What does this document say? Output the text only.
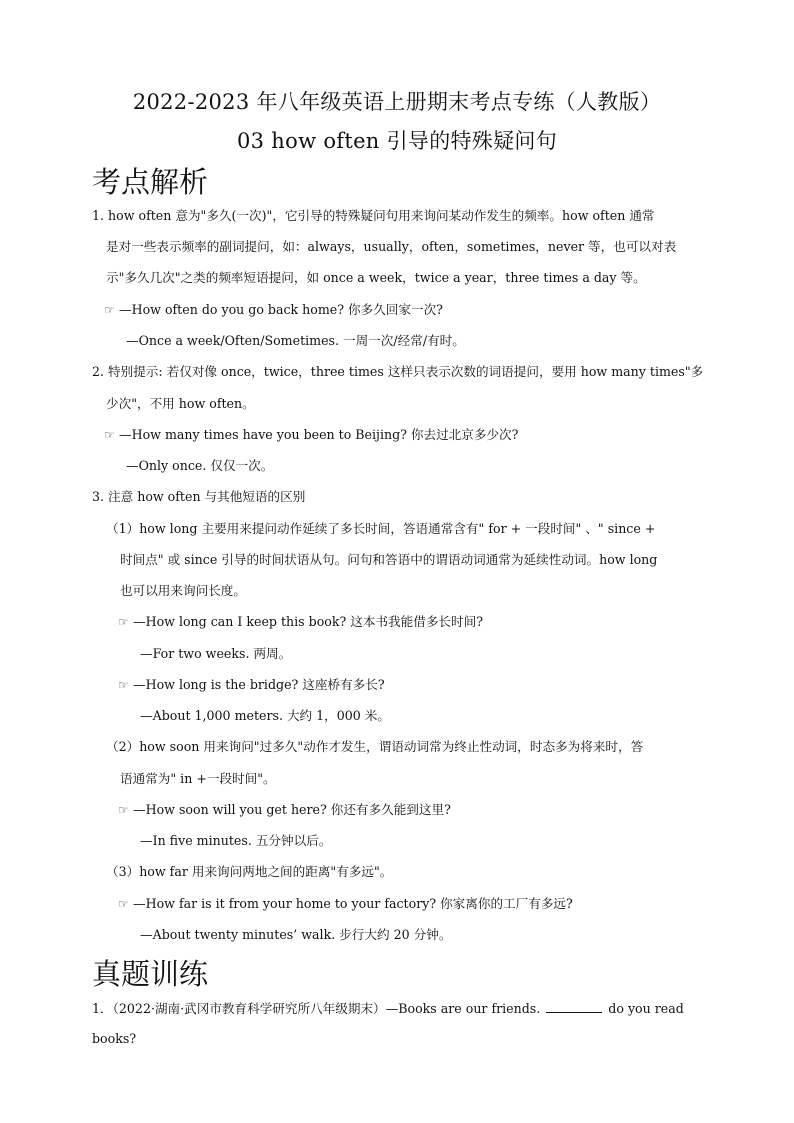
2022-2023 年八年级英语上册期末考点专练（人教版）
03 how often 引导的特殊疑问句
考点解析
1. how often 意为"多久(一次)"，它引导的特殊疑问句用来询问某动作发生的频率。how often 通常
是对一些表示频率的副词提问，如：always，usually，often，sometimes，never 等，也可以对表
示"多久几次"之类的频率短语提问，如 once a week，twice a year，three times a day 等。
☞ —How often do you go back home? 你多久回家一次?
—Once a week/Often/Sometimes. 一周一次/经常/有时。
2. 特别提示: 若仅对像 once，twice，three times 这样只表示次数的词语提问，要用 how many times"多
少次"，不用 how often。
☞ —How many times have you been to Beijing? 你去过北京多少次?
—Only once. 仅仅一次。
3. 注意 how often 与其他短语的区别
（1）how long 主要用来提问动作延续了多长时间，答语通常含有" for + 一段时间" 、" since +
时间点" 或 since 引导的时间状语从句。问句和答语中的谓语动词通常为延续性动词。how long
也可以用来询问长度。
☞ —How long can I keep this book? 这本书我能借多长时间?
—For two weeks. 两周。
☞ —How long is the bridge? 这座桥有多长?
—About 1,000 meters. 大约 1，000 米。
（2）how soon 用来询问"过多久"动作才发生，谓语动词常为终止性动词，时态多为将来时，答
语通常为" in +一段时间"。
☞ —How soon will you get here? 你还有多久能到这里?
—In five minutes. 五分钟以后。
（3）how far 用来询问两地之间的距离"有多远"。
☞ —How far is it from your home to your factory? 你家离你的工厂有多远?
—About twenty minutes’ walk. 步行大约 20 分钟。
真题训练
1．（2022·湖南·武冈市教育科学研究所八年级期末）—Books are our friends.	do you read
books?
